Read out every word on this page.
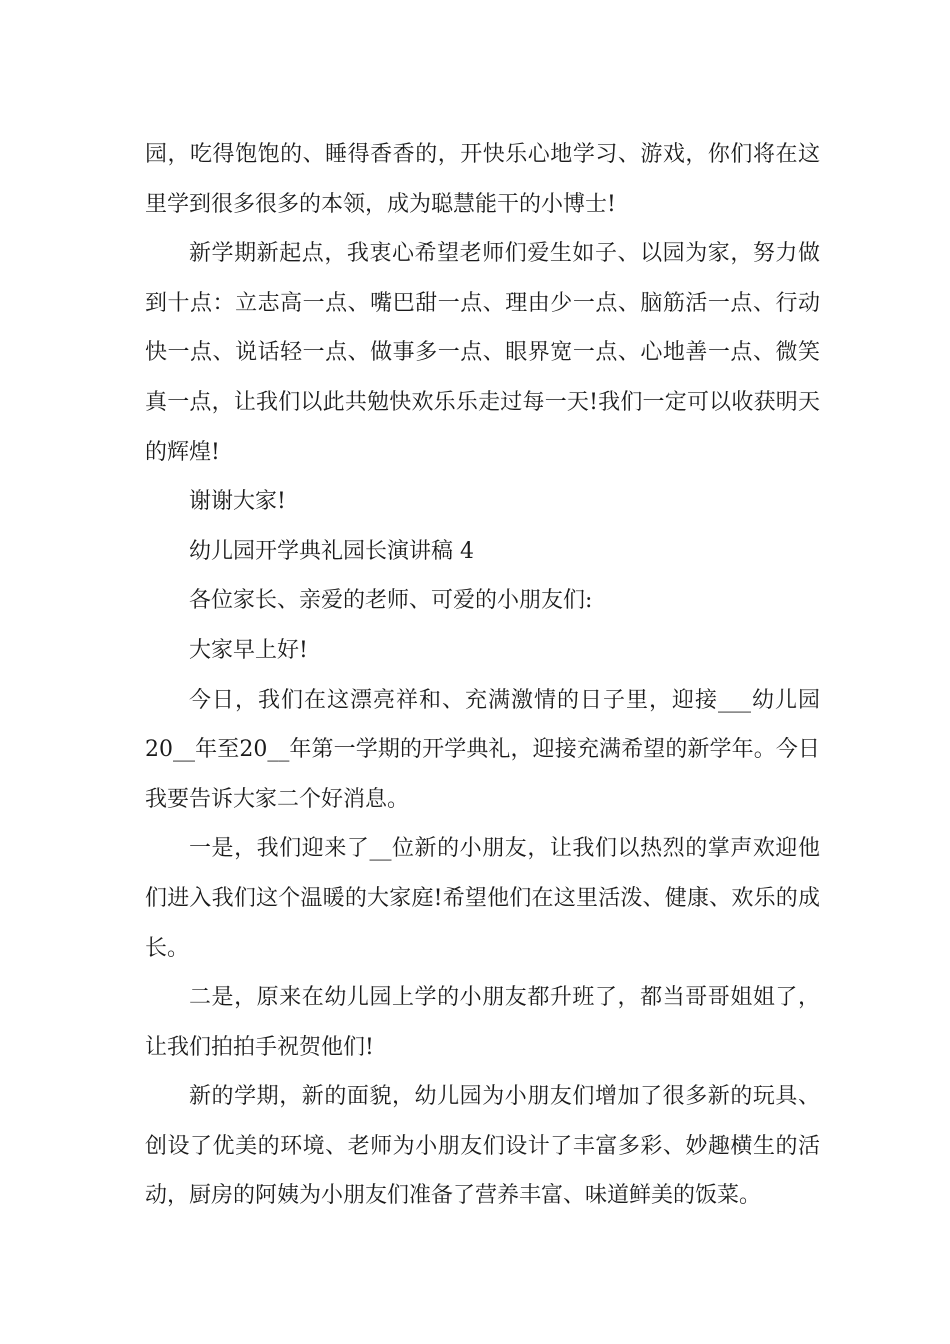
园，吃得饱饱的、睡得香香的，开快乐心地学习、游戏，你们将在这里学到很多很多的本领，成为聪慧能干的小博士!

新学期新起点，我衷心希望老师们爱生如子、以园为家，努力做到十点：立志高一点、嘴巴甜一点、理由少一点、脑筋活一点、行动快一点、说话轻一点、做事多一点、眼界宽一点、心地善一点、微笑真一点，让我们以此共勉快欢乐乐走过每一天!我们一定可以收获明天的辉煌!

谢谢大家!

幼儿园开学典礼园长演讲稿 4

各位家长、亲爱的老师、可爱的小朋友们:

大家早上好!

今日，我们在这漂亮祥和、充满激情的日子里，迎接___幼儿园20__年至20__年第一学期的开学典礼，迎接充满希望的新学年。今日我要告诉大家二个好消息。

一是，我们迎来了__位新的小朋友，让我们以热烈的掌声欢迎他们进入我们这个温暖的大家庭!希望他们在这里活泼、健康、欢乐的成长。

二是，原来在幼儿园上学的小朋友都升班了，都当哥哥姐姐了，让我们拍拍手祝贺他们!

新的学期，新的面貌，幼儿园为小朋友们增加了很多新的玩具、创设了优美的环境、老师为小朋友们设计了丰富多彩、妙趣横生的活动，厨房的阿姨为小朋友们准备了营养丰富、味道鲜美的饭菜。
